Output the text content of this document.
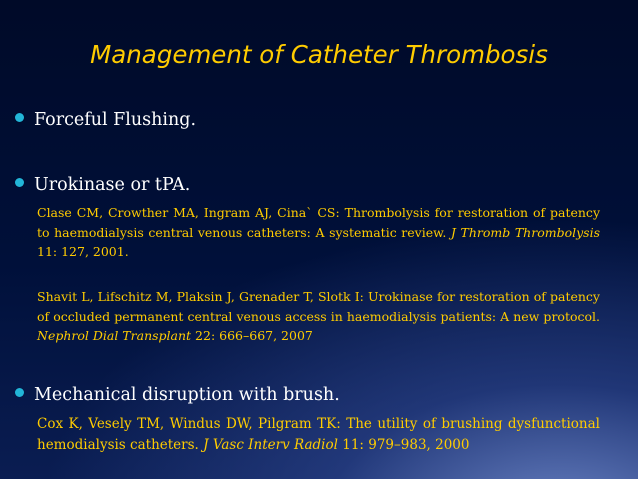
Management of Catheter Thrombosis
Forceful Flushing.
Urokinase or tPA.
Clase CM, Crowther MA, Ingram AJ, Cina` CS: Thrombolysis for restoration of patency to haemodialysis central venous catheters: A systematic review. J Thromb Thrombolysis 11: 127, 2001.
Shavit L, Lifschitz M, Plaksin J, Grenader T, Slotk I: Urokinase for restoration of patency of occluded permanent central venous access in haemodialysis patients: A new protocol. Nephrol Dial Transplant 22: 666–667, 2007
Mechanical disruption with brush.
Cox K, Vesely TM, Windus DW, Pilgram TK: The utility of brushing dysfunctional hemodialysis catheters. J Vasc Interv Radiol 11: 979–983, 2000
